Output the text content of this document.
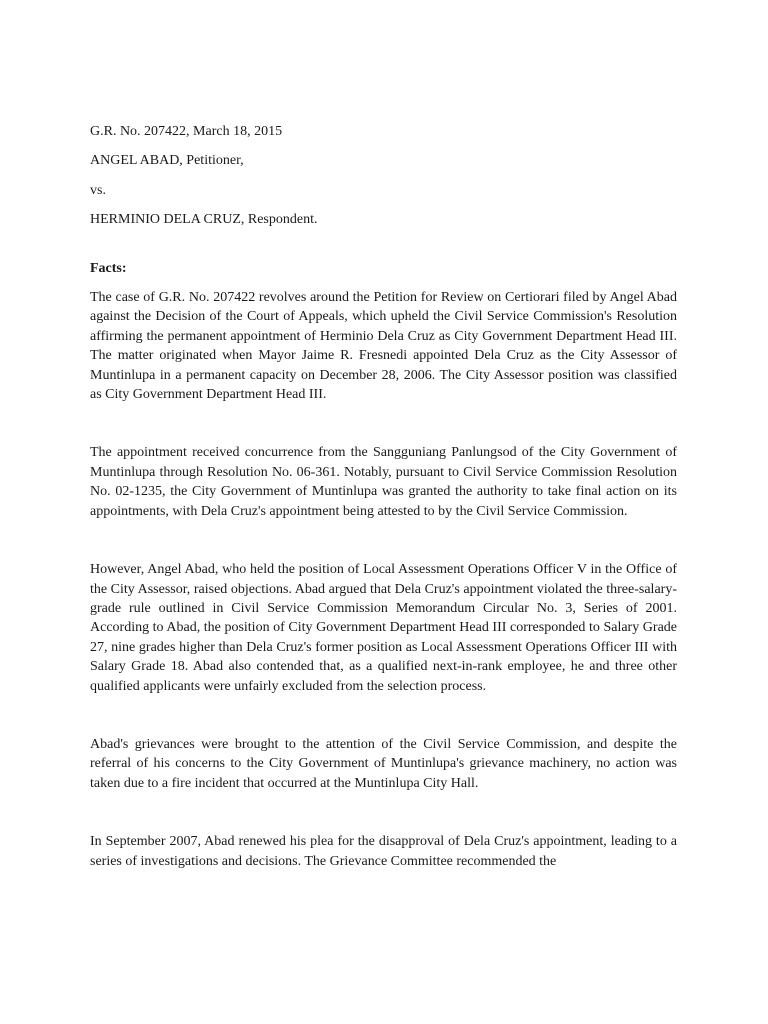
G.R. No. 207422, March 18, 2015

ANGEL ABAD, Petitioner,

vs.

HERMINIO DELA CRUZ, Respondent.

Facts:

The case of G.R. No. 207422 revolves around the Petition for Review on Certiorari filed by Angel Abad against the Decision of the Court of Appeals, which upheld the Civil Service Commission's Resolution affirming the permanent appointment of Herminio Dela Cruz as City Government Department Head III. The matter originated when Mayor Jaime R. Fresnedi appointed Dela Cruz as the City Assessor of Muntinlupa in a permanent capacity on December 28, 2006. The City Assessor position was classified as City Government Department Head III.

The appointment received concurrence from the Sangguniang Panlungsod of the City Government of Muntinlupa through Resolution No. 06-361. Notably, pursuant to Civil Service Commission Resolution No. 02-1235, the City Government of Muntinlupa was granted the authority to take final action on its appointments, with Dela Cruz's appointment being attested to by the Civil Service Commission.

However, Angel Abad, who held the position of Local Assessment Operations Officer V in the Office of the City Assessor, raised objections. Abad argued that Dela Cruz's appointment violated the three-salary-grade rule outlined in Civil Service Commission Memorandum Circular No. 3, Series of 2001. According to Abad, the position of City Government Department Head III corresponded to Salary Grade 27, nine grades higher than Dela Cruz's former position as Local Assessment Operations Officer III with Salary Grade 18. Abad also contended that, as a qualified next-in-rank employee, he and three other qualified applicants were unfairly excluded from the selection process.

Abad's grievances were brought to the attention of the Civil Service Commission, and despite the referral of his concerns to the City Government of Muntinlupa's grievance machinery, no action was taken due to a fire incident that occurred at the Muntinlupa City Hall.

In September 2007, Abad renewed his plea for the disapproval of Dela Cruz's appointment, leading to a series of investigations and decisions. The Grievance Committee recommended the
